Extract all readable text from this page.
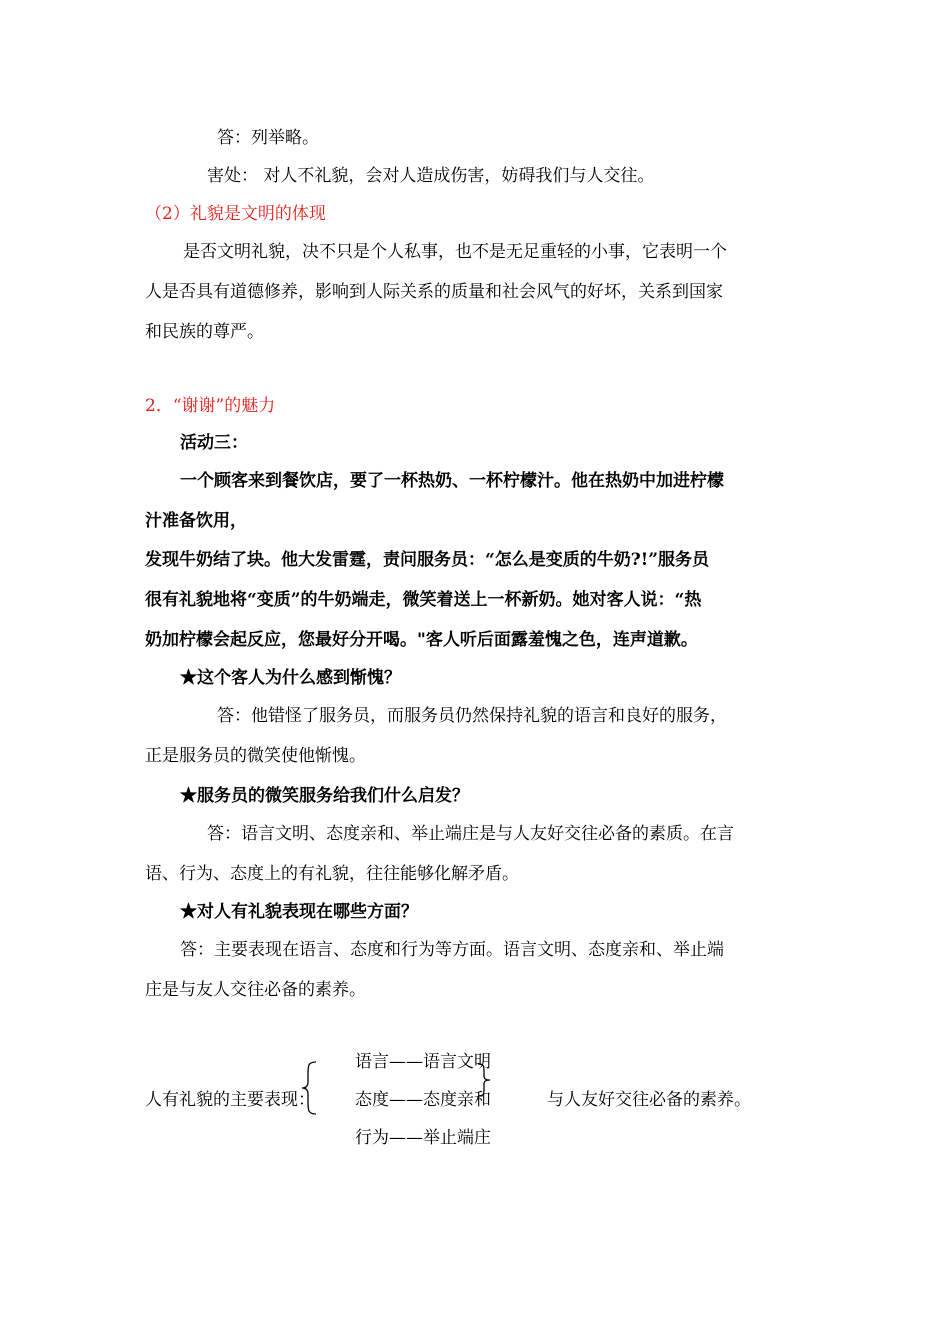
答：列举略。
害处： 对人不礼貌，会对人造成伤害，妨碍我们与人交往。
（2）礼貌是文明的体现
是否文明礼貌，决不只是个人私事，也不是无足重轻的小事，它表明一个
人是否具有道德修养，影响到人际关系的质量和社会风气的好坏，关系到国家
和民族的尊严。
2．“谢谢”的魅力
活动三：
一个顾客来到餐饮店，要了一杯热奶、一杯柠檬汁。他在热奶中加进柠檬
汁准备饮用，
发现牛奶结了块。他大发雷霆，责问服务员：“怎么是变质的牛奶?!”服务员
很有礼貌地将“变质”的牛奶端走，微笑着送上一杯新奶。她对客人说：“热
奶加柠檬会起反应，您最好分开喝。"客人听后面露羞愧之色，连声道歉。
★这个客人为什么感到惭愧？
答：他错怪了服务员，而服务员仍然保持礼貌的语言和良好的服务，
正是服务员的微笑使他惭愧。
★服务员的微笑服务给我们什么启发？
答：语言文明、态度亲和、举止端庄是与人友好交往必备的素质。在言
语、行为、态度上的有礼貌，往往能够化解矛盾。
★对人有礼貌表现在哪些方面？
答：主要表现在语言、态度和行为等方面。语言文明、态度亲和、举止端
庄是与友人交往必备的素养。
人有礼貌的主要表现：
语言——语言文明
态度——态度亲和
行为——举止端庄
与人友好交往必备的素养。
